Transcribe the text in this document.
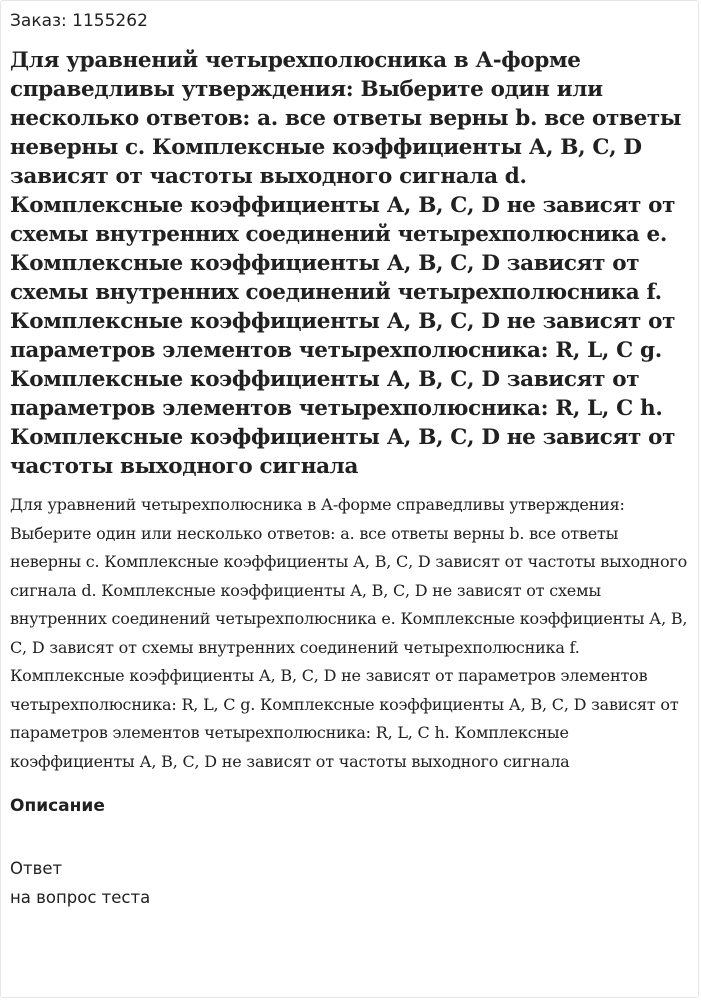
Заказ: 1155262
Для уравнений четырехполюсника в А-форме справедливы утверждения: Выберите один или несколько ответов: a. все ответы верны b. все ответы неверны c. Комплексные коэффициенты А, В, С, D зависят от частоты выходного сигнала d. Комплексные коэффициенты А, В, С, D не зависят от схемы внутренних соединений четырехполюсника e. Комплексные коэффициенты А, В, С, D зависят от схемы внутренних соединений четырехполюсника f. Комплексные коэффициенты А, В, С, D не зависят от параметров элементов четырехполюсника: R, L, C g. Комплексные коэффициенты А, В, С, D зависят от параметров элементов четырехполюсника: R, L, C h. Комплексные коэффициенты А, В, С, D не зависят от частоты выходного сигнала

Для уравнений четырехполюсника в А-форме справедливы утверждения: Выберите один или несколько ответов: a. все ответы верны b. все ответы неверны c. Комплексные коэффициенты А, В, С, D зависят от частоты выходного сигнала d. Комплексные коэффициенты А, В, С, D не зависят от схемы внутренних соединений четырехполюсника e. Комплексные коэффициенты А, В, С, D зависят от схемы внутренних соединений четырехполюсника f. Комплексные коэффициенты А, В, С, D не зависят от параметров элементов четырехполюсника: R, L, C g. Комплексные коэффициенты А, В, С, D зависят от параметров элементов четырехполюсника: R, L, C h. Комплексные коэффициенты А, В, С, D не зависят от частоты выходного сигнала

Описание
Ответ
на вопрос теста
